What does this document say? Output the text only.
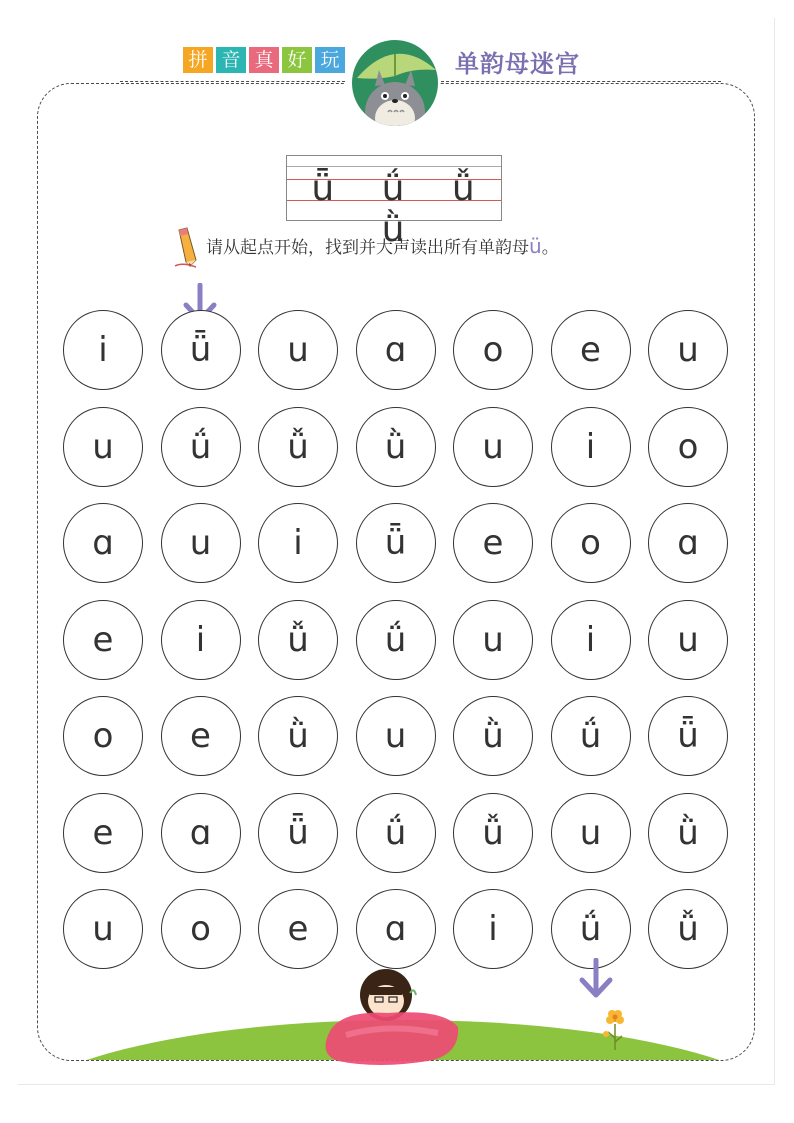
拼 音 真 好 玩	单韵母迷宫
ǖ ǘ ǚ ǜ
请从起点开始，找到并大声读出所有单韵母ü。
i	ǖ	u	ɑ	o	e	u
u	ǘ	ǚ	ǜ	u	i	o
ɑ	u	i	ǖ	e	o	ɑ
e	i	ǚ	ǘ	u	i	u
o	e	ǜ	u	ǜ	ǘ	ǖ
e	ɑ	ǖ	ǘ	ǚ	u	ǜ
u	o	e	ɑ	i	ǘ	ǚ
